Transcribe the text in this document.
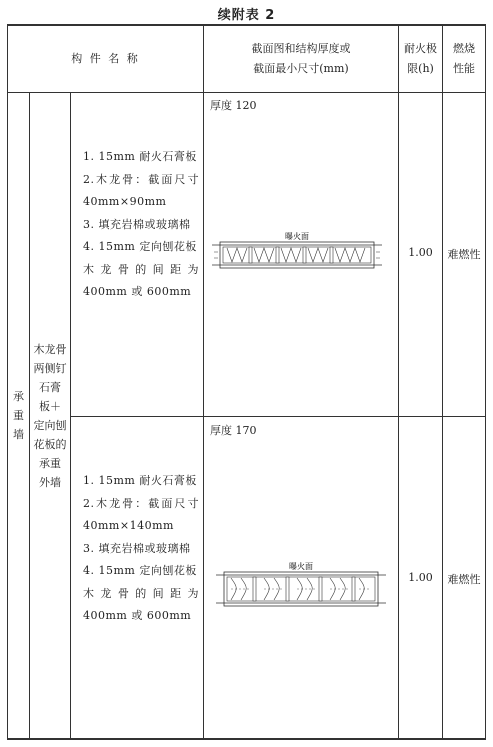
续附表 2
构 件 名 称
截面图和结构厚度或
截面最小尺寸(mm)
耐火极
限(h)
燃烧
性能
承
重
墙
木龙骨
两侧钉
石膏
板＋
定向刨
花板的
承重
外墙

1. 15mm 耐火石膏板

2.木龙骨：截面尺寸 40mm×90mm

3. 填充岩棉或玻璃棉

4. 15mm 定向刨花板

木龙骨的间距为 400mm 或 600mm

厚度 120
曝火面
1.00	难燃性

1. 15mm 耐火石膏板

2.木龙骨：截面尺寸 40mm×140mm

3. 填充岩棉或玻璃棉

4. 15mm 定向刨花板

木龙骨的间距为 400mm 或 600mm

厚度 170
曝火面
1.00	难燃性
